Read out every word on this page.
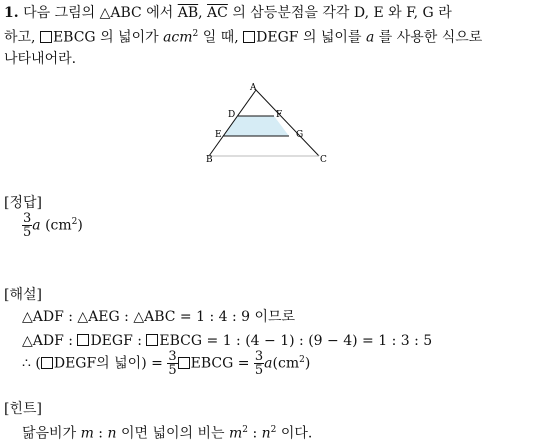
1. 다음 그림의 △ABC 에서 $\overline{AB}$, $\overline{AC}$ 의 삼등분점을 각각 D, E 와 F, G 라
하고, EBCG 의 넓이가 acm$^2$ 일 때, DEGF 의 넓이를 a 를 사용한 식으로
나타내어라.
A
D	F
E	G
B	C
[정답]
$\frac{3}{5}$ a $(cm^2)$
[해설]
△ADF : △AEG : △ABC = 1 : 4 : 9 이므로
△ADF : DEGF : EBCG = 1 : (4 − 1) : (9 − 4) = 1 : 3 : 5
∴ ( DEGF의 넓이) = $\frac{3}{5}$ EBCG = $\frac{3}{5} a(cm^2)$
[힌트]
닮음비가 m : n 이면 넓이의 비는 $m^2$ : $n^2$ 이다.
